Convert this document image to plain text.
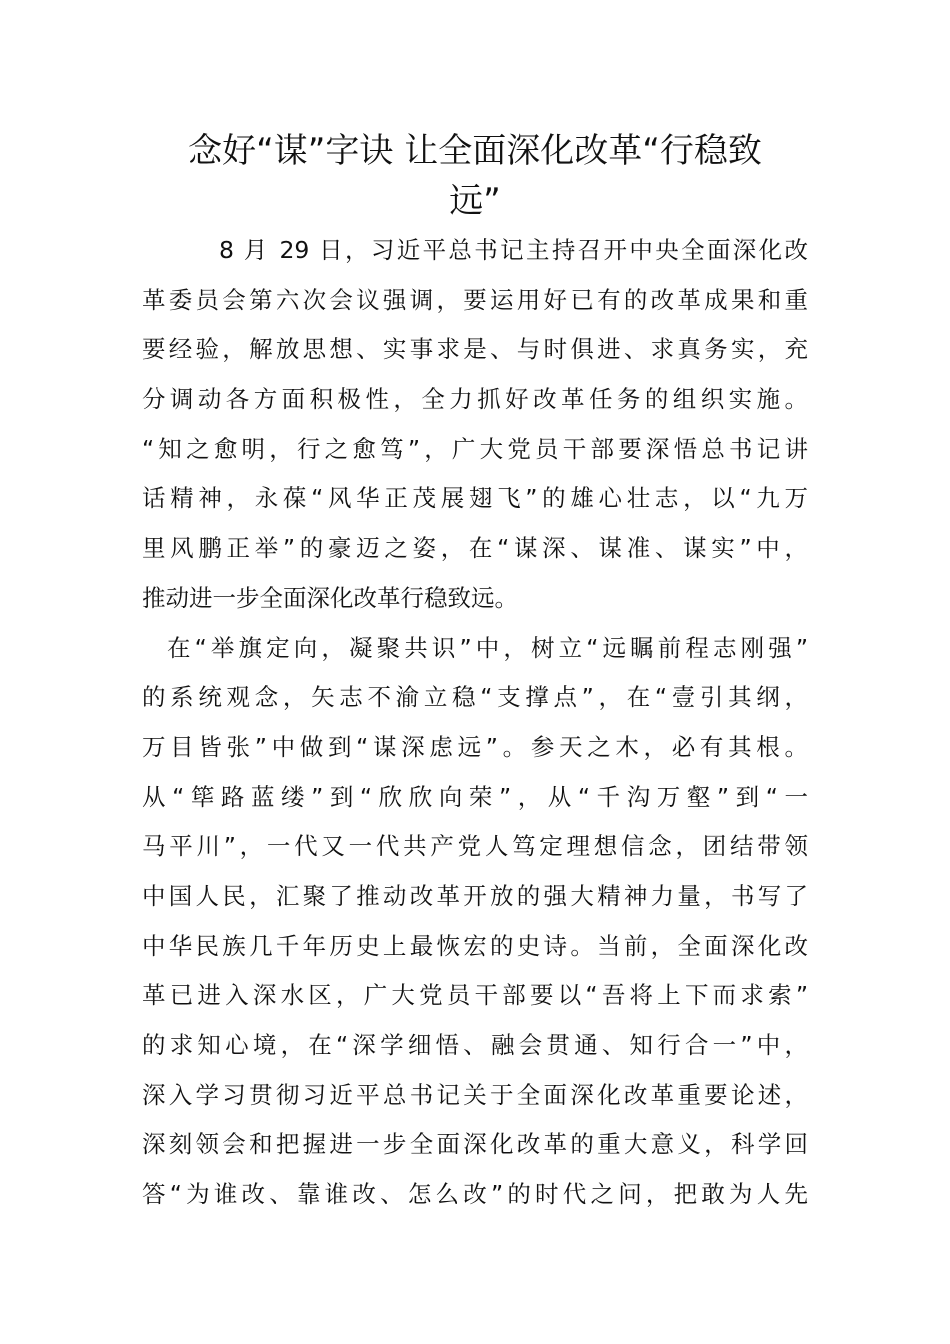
念好“谋”字诀 让全面深化改革“行稳致
远”
8 月 29 日，习近平总书记主持召开中央全面深化改
革委员会第六次会议强调，要运用好已有的改革成果和重
要经验，解放思想、实事求是、与时俱进、求真务实，充
分调动各方面积极性，全力抓好改革任务的组织实施。
“知之愈明，行之愈笃”，广大党员干部要深悟总书记讲
话精神，永葆“风华正茂展翅飞”的雄心壮志，以“九万
里风鹏正举”的豪迈之姿，在“谋深、谋准、谋实”中，
推动进一步全面深化改革行稳致远。
在“举旗定向，凝聚共识”中，树立“远瞩前程志刚强”
的系统观念，矢志不渝立稳“支撑点”，在“壹引其纲，
万目皆张”中做到“谋深虑远”。参天之木，必有其根。
从“筚路蓝缕”到“欣欣向荣”，从“千沟万壑”到“一
马平川”，一代又一代共产党人笃定理想信念，团结带领
中国人民，汇聚了推动改革开放的强大精神力量，书写了
中华民族几千年历史上最恢宏的史诗。当前，全面深化改
革已进入深水区，广大党员干部要以“吾将上下而求索”
的求知心境，在“深学细悟、融会贯通、知行合一”中，
深入学习贯彻习近平总书记关于全面深化改革重要论述，
深刻领会和把握进一步全面深化改革的重大意义，科学回
答“为谁改、靠谁改、怎么改”的时代之问，把敢为人先
